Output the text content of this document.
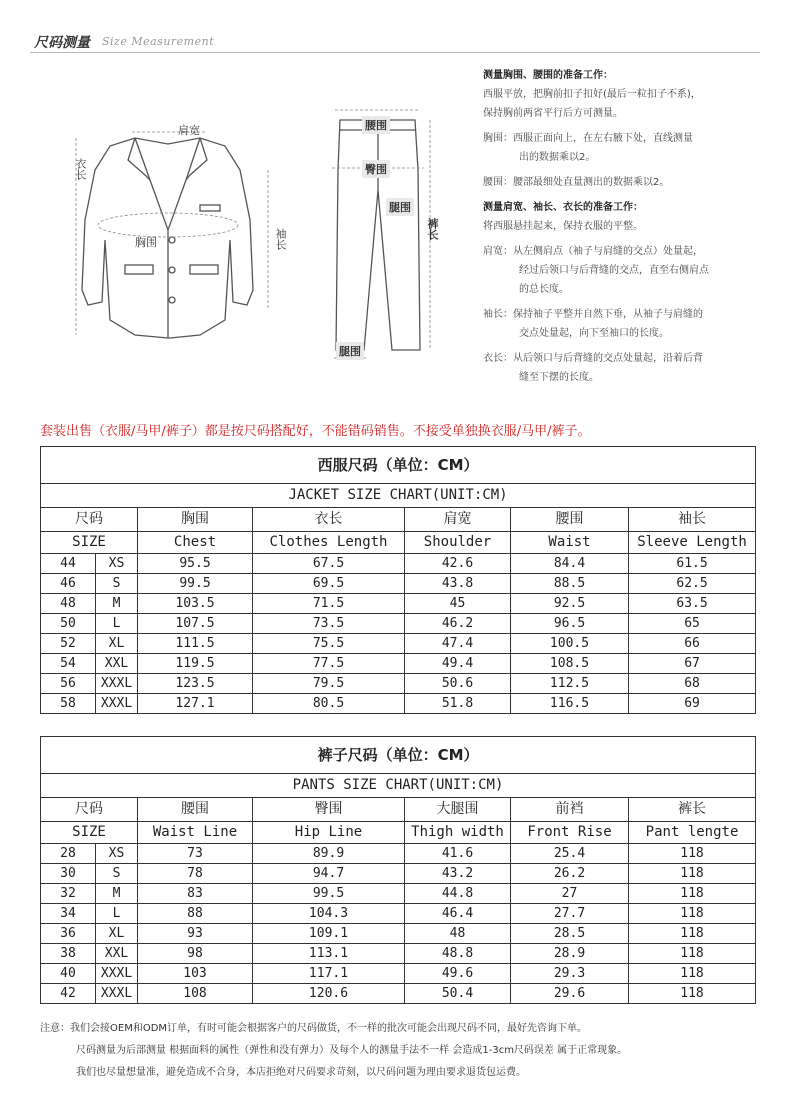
尺码测量 Size Measurement
肩宽
衣长
胸围	袖长
腰围
臀围
腿围
裤长
腿围

测量胸围、腰围的准备工作：

西服平放，把胸前扣子扣好(最后一粒扣子不系)，

保持胸前两省平行后方可测量。

胸围：西服正面向上，在左右腋下处，直线测量

出的数据乘以2。

腰围：腰部最细处直量测出的数据乘以2。

测量肩宽、袖长、衣长的准备工作：

将西服悬挂起来，保持衣服的平整。

肩宽：从左侧肩点（袖子与肩缝的交点）处量起，

经过后领口与后背缝的交点，直至右侧肩点

的总长度。

袖长：保持袖子平整并自然下垂，从袖子与肩缝的

交点处量起，向下至袖口的长度。

衣长：从后领口与后背缝的交点处量起，沿着后背

缝至下摆的长度。

套装出售（衣服/马甲/裤子）都是按尺码搭配好，不能错码销售。不接受单独换衣服/马甲/裤子。
西服尺码（单位：CM）						
JACKET SIZE CHART(UNIT:CM)						
尺码		胸围	衣长	肩宽	腰围	袖长
SIZE		Chest	Clothes Length	Shoulder	Waist	Sleeve Length
44	XS	95.5	67.5	42.6	84.4	61.5
46	S	99.5	69.5	43.8	88.5	62.5
48	M	103.5	71.5	45	92.5	63.5
50	L	107.5	73.5	46.2	96.5	65
52	XL	111.5	75.5	47.4	100.5	66
54	XXL	119.5	77.5	49.4	108.5	67
56	XXXL	123.5	79.5	50.6	112.5	68
58	XXXL	127.1	80.5	51.8	116.5	69
裤子尺码（单位：CM）						
PANTS SIZE CHART(UNIT:CM)						
尺码		腰围	臀围	大腿围	前裆	裤长
SIZE		Waist Line	Hip Line	Thigh width	Front Rise	Pant lengte
28	XS	73	89.9	41.6	25.4	118
30	S	78	94.7	43.2	26.2	118
32	M	83	99.5	44.8	27	118
34	L	88	104.3	46.4	27.7	118
36	XL	93	109.1	48	28.5	118
38	XXL	98	113.1	48.8	28.9	118
40	XXXL	103	117.1	49.6	29.3	118
42	XXXL	108	120.6	50.4	29.6	118

注意：我们会接OEM和ODM订单，有时可能会根据客户的尺码做货，不一样的批次可能会出现尺码不同，最好先咨询下单。

尺码测量为后部测量 根据面料的属性（弹性和没有弹力）及每个人的测量手法不一样 会造成1-3cm尺码误差 属于正常现象。

我们也尽量想量准，避免造成不合身，本店拒绝对尺码要求苛刻，以尺码问题为理由要求退货包运费。
